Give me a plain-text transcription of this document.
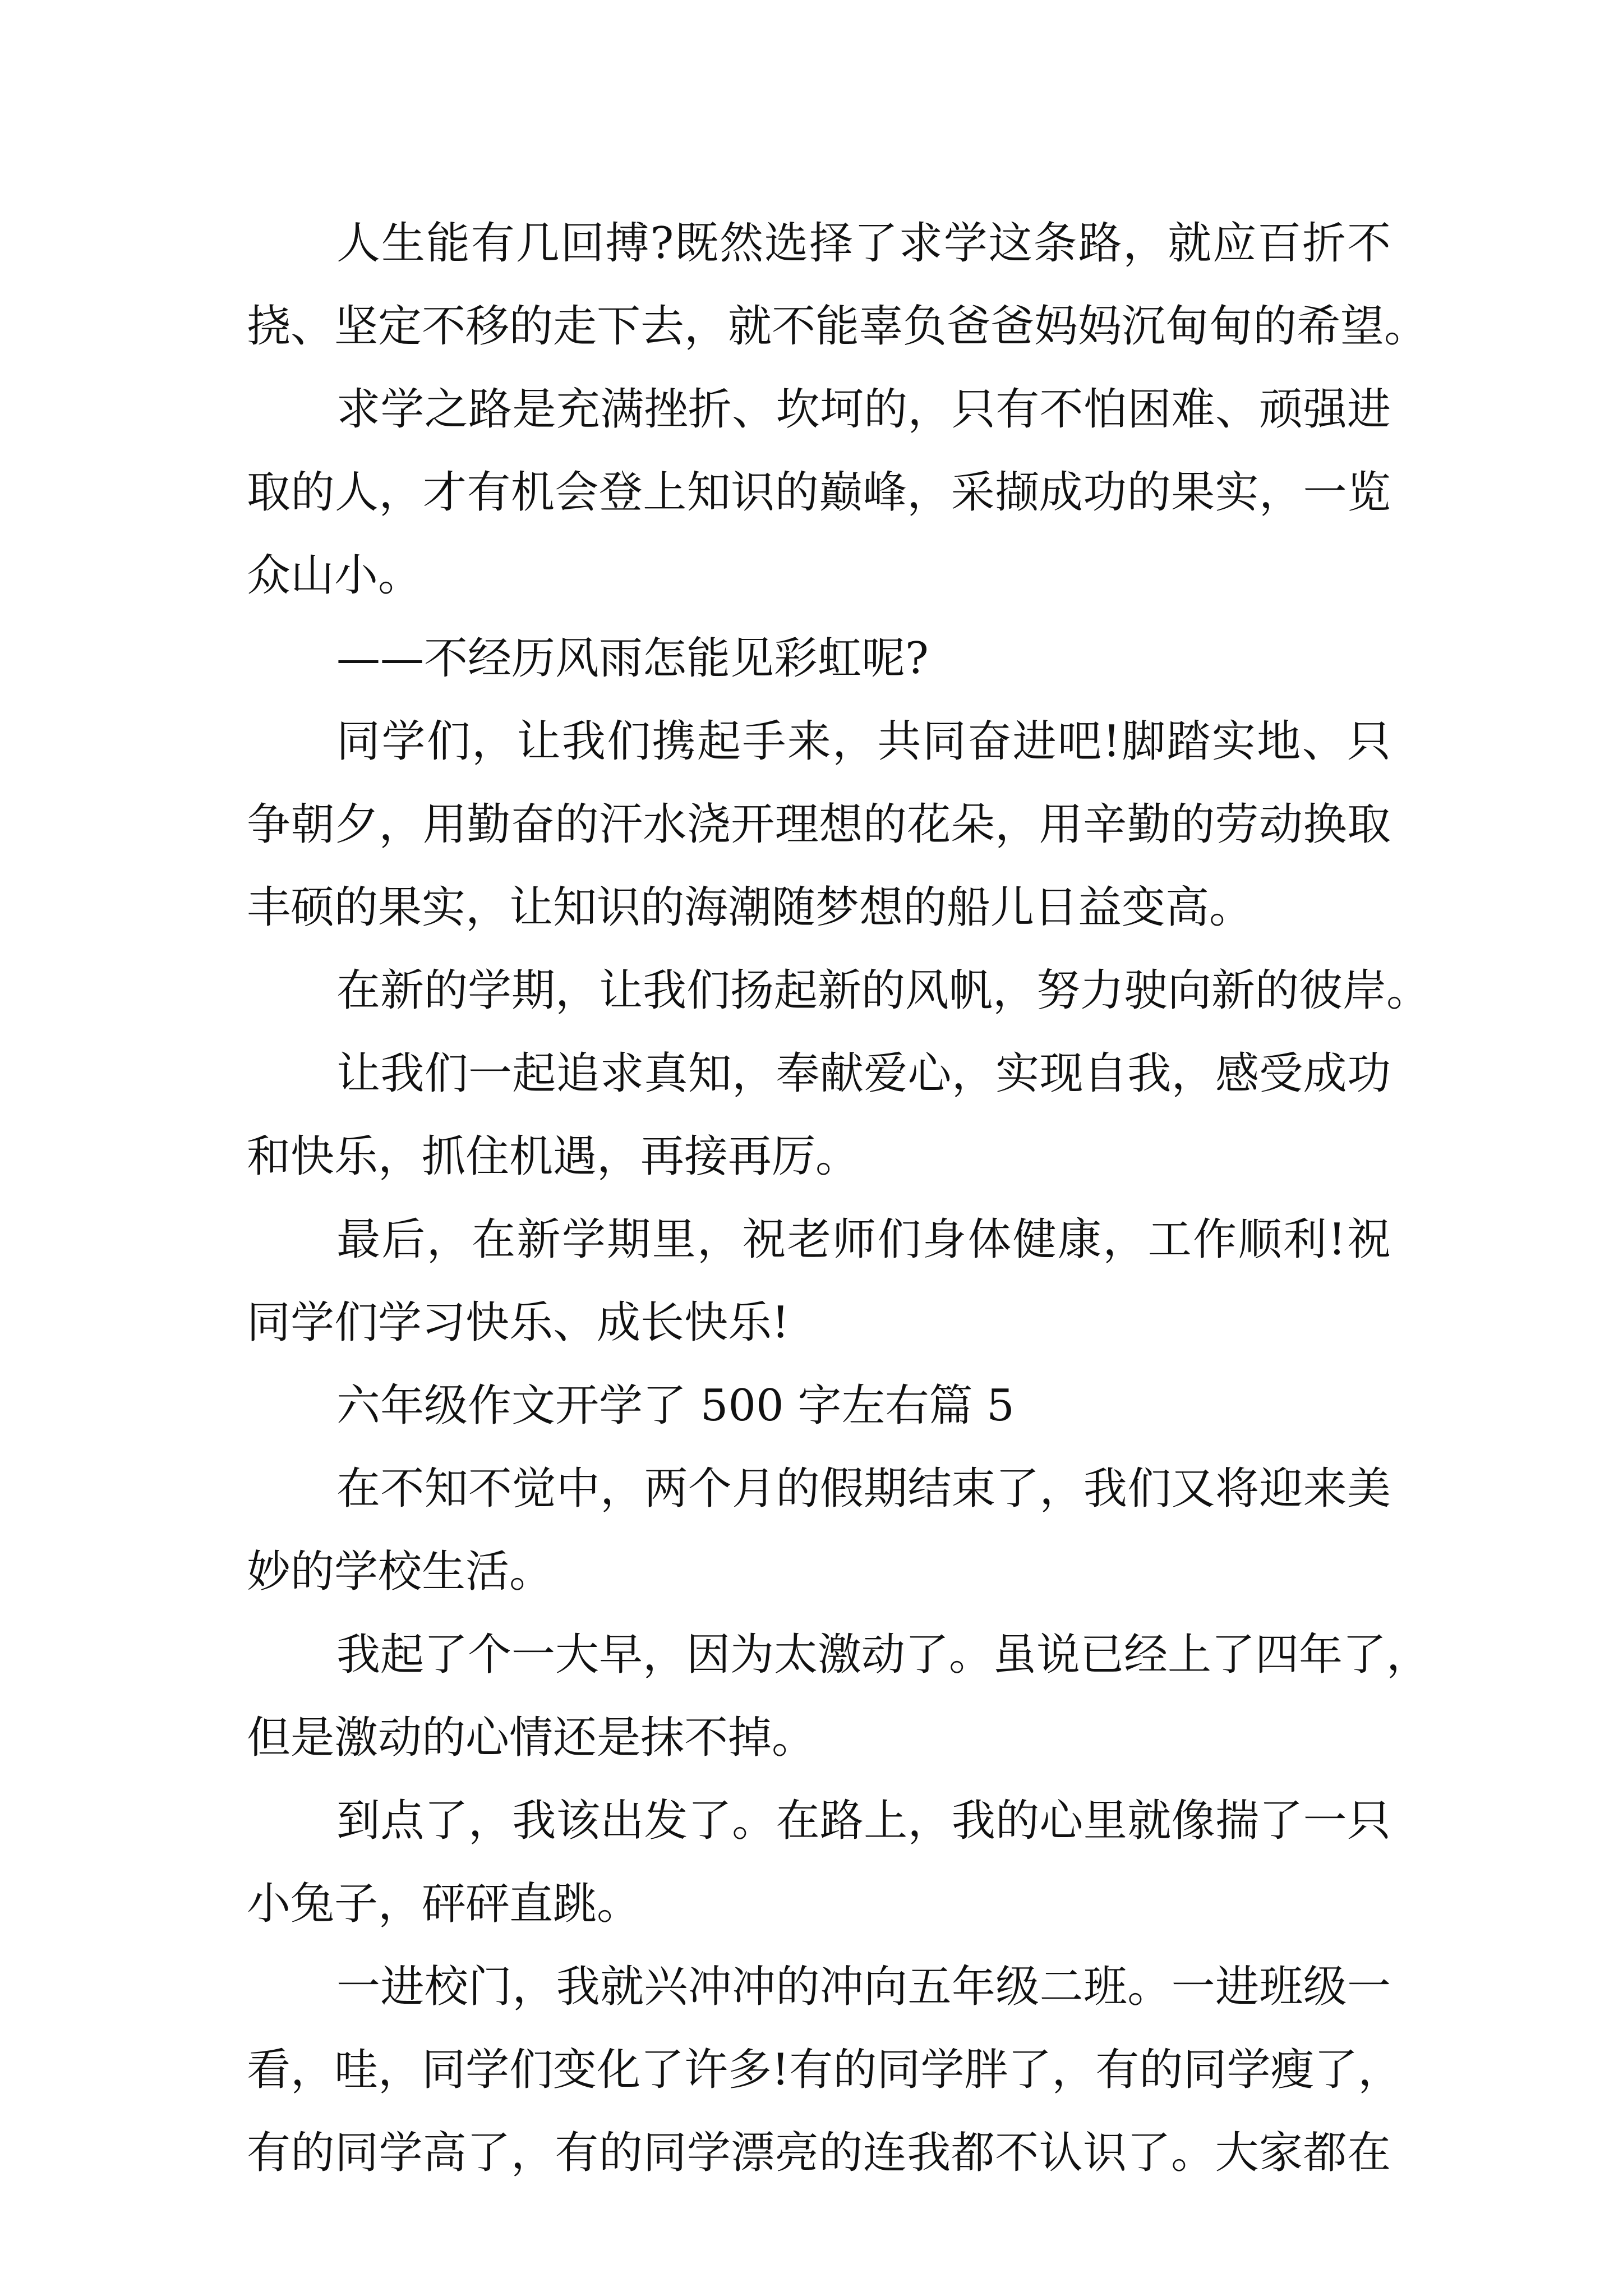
人生能有几回搏?既然选择了求学这条路，就应百折不
挠、坚定不移的走下去，就不能辜负爸爸妈妈沉甸甸的希望。
求学之路是充满挫折、坎坷的，只有不怕困难、顽强进
取的人，才有机会登上知识的巅峰，采撷成功的果实，一览
众山小。
——不经历风雨怎能见彩虹呢?
同学们，让我们携起手来，共同奋进吧!脚踏实地、只
争朝夕，用勤奋的汗水浇开理想的花朵，用辛勤的劳动换取
丰硕的果实，让知识的海潮随梦想的船儿日益变高。
在新的学期，让我们扬起新的风帆，努力驶向新的彼岸。
让我们一起追求真知，奉献爱心，实现自我，感受成功
和快乐，抓住机遇，再接再厉。
最后，在新学期里，祝老师们身体健康，工作顺利!祝
同学们学习快乐、成长快乐!
六年级作文开学了 500 字左右篇 5
在不知不觉中，两个月的假期结束了，我们又将迎来美
妙的学校生活。
我起了个一大早，因为太激动了。虽说已经上了四年了，
但是激动的心情还是抹不掉。
到点了，我该出发了。在路上，我的心里就像揣了一只
小兔子，砰砰直跳。
一进校门，我就兴冲冲的冲向五年级二班。一进班级一
看，哇，同学们变化了许多!有的同学胖了，有的同学瘦了，
有的同学高了，有的同学漂亮的连我都不认识了。大家都在
